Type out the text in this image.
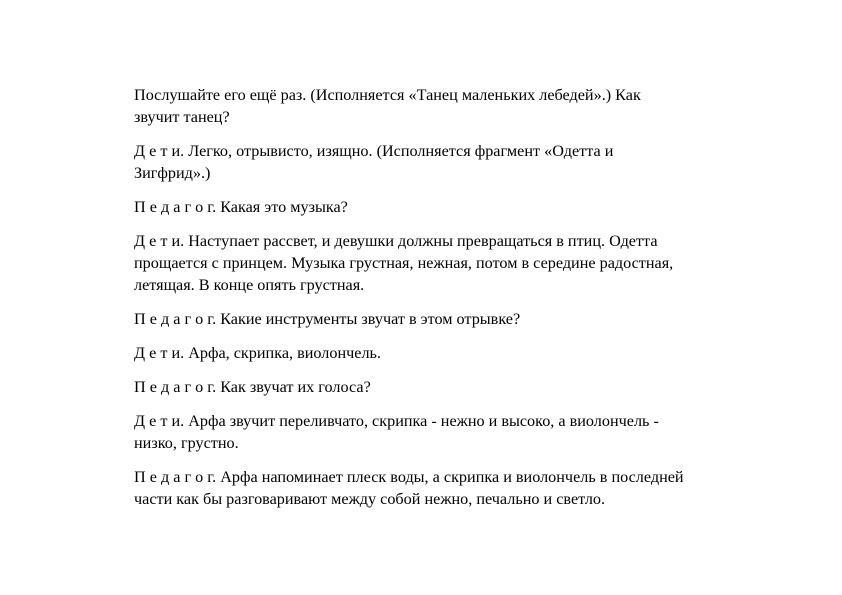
Послушайте его ещё раз. (Исполняется «Танец маленьких лебедей».) Как
звучит танец?

Д е т и. Легко, отрывисто, изящно. (Исполняется фрагмент «Одетта и
Зигфрид».)

П е д а г о г. Какая это музыка?

Д е т и. Наступает рассвет, и девушки должны превращаться в птиц. Одетта
прощается с принцем. Музыка грустная, нежная, потом в середине радостная,
летящая. В конце опять грустная.

П е д а г о г. Какие инструменты звучат в этом отрывке?

Д е т и. Арфа, скрипка, виолончель.

П е д а г о г. Как звучат их голоса?

Д е т и. Арфа звучит переливчато, скрипка - нежно и высоко, а виолончель -
низко, грустно.

П е д а г о г. Арфа напоминает плеск воды, а скрипка и виолончель в последней
части как бы разговаривают между собой нежно, печально и светло.
